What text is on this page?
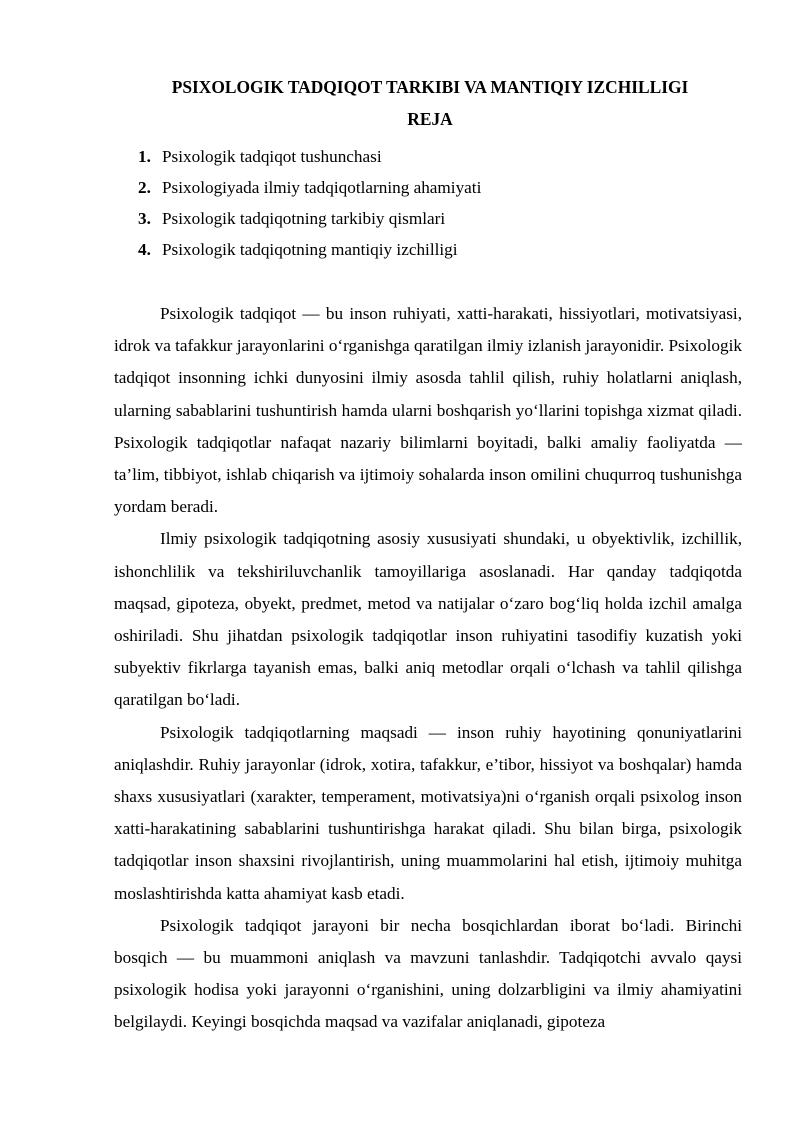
PSIXOLOGIK TADQIQOT TARKIBI VA MANTIQIY IZCHILLIGI
REJA
1. Psixologik tadqiqot tushunchasi
2. Psixologiyada ilmiy tadqiqotlarning ahamiyati
3. Psixologik tadqiqotning tarkibiy qismlari
4. Psixologik tadqiqotning mantiqiy izchilligi

Psixologik tadqiqot — bu inson ruhiyati, xatti-harakati, hissiyotlari, motivatsiyasi, idrok va tafakkur jarayonlarini o‘rganishga qaratilgan ilmiy izlanish jarayonidir. Psixologik tadqiqot insonning ichki dunyosini ilmiy asosda tahlil qilish, ruhiy holatlarni aniqlash, ularning sabablarini tushuntirish hamda ularni boshqarish yo‘llarini topishga xizmat qiladi. Psixologik tadqiqotlar nafaqat nazariy bilimlarni boyitadi, balki amaliy faoliyatda — ta’lim, tibbiyot, ishlab chiqarish va ijtimoiy sohalarda inson omilini chuqurroq tushunishga yordam beradi.

Ilmiy psixologik tadqiqotning asosiy xususiyati shundaki, u obyektivlik, izchillik, ishonchlilik va tekshiriluvchanlik tamoyillariga asoslanadi. Har qanday tadqiqotda maqsad, gipoteza, obyekt, predmet, metod va natijalar o‘zaro bog‘liq holda izchil amalga oshiriladi. Shu jihatdan psixologik tadqiqotlar inson ruhiyatini tasodifiy kuzatish yoki subyektiv fikrlarga tayanish emas, balki aniq metodlar orqali o‘lchash va tahlil qilishga qaratilgan bo‘ladi.

Psixologik tadqiqotlarning maqsadi — inson ruhiy hayotining qonuniyatlarini aniqlashdir. Ruhiy jarayonlar (idrok, xotira, tafakkur, e’tibor, hissiyot va boshqalar) hamda shaxs xususiyatlari (xarakter, temperament, motivatsiya)ni o‘rganish orqali psixolog inson xatti-harakatining sabablarini tushuntirishga harakat qiladi. Shu bilan birga, psixologik tadqiqotlar inson shaxsini rivojlantirish, uning muammolarini hal etish, ijtimoiy muhitga moslashtirishda katta ahamiyat kasb etadi.

Psixologik tadqiqot jarayoni bir necha bosqichlardan iborat bo‘ladi. Birinchi bosqich — bu muammoni aniqlash va mavzuni tanlashdir. Tadqiqotchi avvalo qaysi psixologik hodisa yoki jarayonni o‘rganishini, uning dolzarbligini va ilmiy ahamiyatini belgilaydi. Keyingi bosqichda maqsad va vazifalar aniqlanadi, gipoteza
